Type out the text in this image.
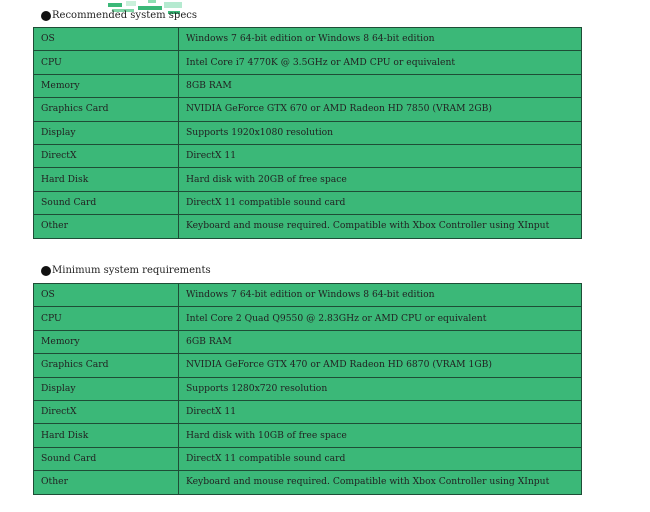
Recommended system specs
OS	Windows 7 64-bit edition or Windows 8 64-bit edition
CPU	Intel Core i7 4770K @ 3.5GHz or AMD CPU or equivalent
Memory	8GB RAM
Graphics Card	NVIDIA GeForce GTX 670 or AMD Radeon HD 7850 (VRAM 2GB)
Display	Supports 1920x1080 resolution
DirectX	DirectX 11
Hard Disk	Hard disk with 20GB of free space
Sound Card	DirectX 11 compatible sound card
Other	Keyboard and mouse required. Compatible with Xbox Controller using XInput
Minimum system requirements
OS	Windows 7 64-bit edition or Windows 8 64-bit edition
CPU	Intel Core 2 Quad Q9550 @ 2.83GHz or AMD CPU or equivalent
Memory	6GB RAM
Graphics Card	NVIDIA GeForce GTX 470 or AMD Radeon HD 6870 (VRAM 1GB)
Display	Supports 1280x720 resolution
DirectX	DirectX 11
Hard Disk	Hard disk with 10GB of free space
Sound Card	DirectX 11 compatible sound card
Other	Keyboard and mouse required. Compatible with Xbox Controller using XInput
